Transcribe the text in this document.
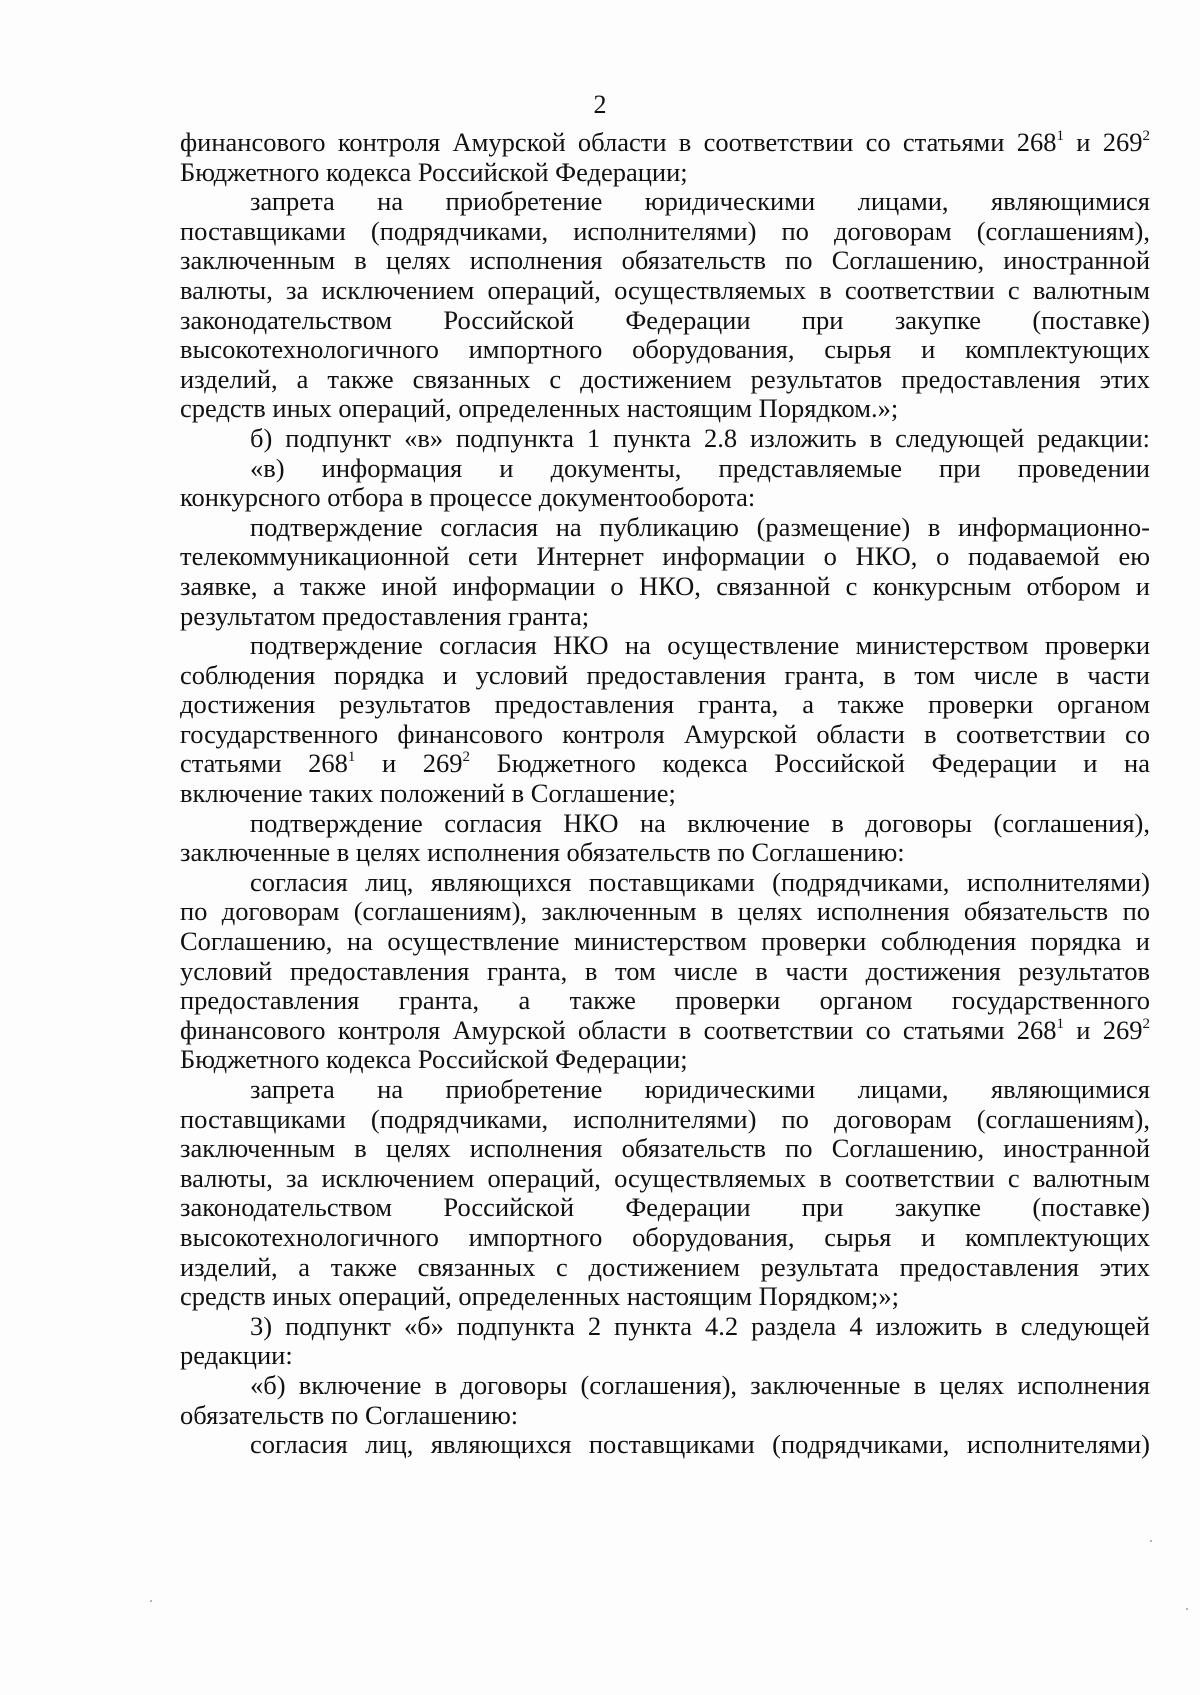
2
финансового контроля Амурской области в соответствии со статьями $268^1$ и $269^2$
Бюджетного кодекса Российской Федерации;
запрета на приобретение юридическими лицами, являющимися
поставщиками (подрядчиками, исполнителями) по договорам (соглашениям),
заключенным в целях исполнения обязательств по Соглашению, иностранной
валюты, за исключением операций, осуществляемых в соответствии с валютным
законодательством Российской Федерации при закупке (поставке)
высокотехнологичного импортного оборудования, сырья и комплектующих
изделий, а также связанных с достижением результатов предоставления этих
средств иных операций, определенных настоящим Порядком.»;
б) подпункт «в» подпункта 1 пункта 2.8 изложить в следующей редакции:
«в) информация и документы, представляемые при проведении
конкурсного отбора в процессе документооборота:
подтверждение согласия на публикацию (размещение) в информационно-
телекоммуникационной сети Интернет информации о НКО, о подаваемой ею
заявке, а также иной информации о НКО, связанной с конкурсным отбором и
результатом предоставления гранта;
подтверждение согласия НКО на осуществление министерством проверки
соблюдения порядка и условий предоставления гранта, в том числе в части
достижения результатов предоставления гранта, а также проверки органом
государственного финансового контроля Амурской области в соответствии со
статьями $268^1$ и $269^2$ Бюджетного кодекса Российской Федерации и на
включение таких положений в Соглашение;
подтверждение согласия НКО на включение в договоры (соглашения),
заключенные в целях исполнения обязательств по Соглашению:
согласия лиц, являющихся поставщиками (подрядчиками, исполнителями)
по договорам (соглашениям), заключенным в целях исполнения обязательств по
Соглашению, на осуществление министерством проверки соблюдения порядка и
условий предоставления гранта, в том числе в части достижения результатов
предоставления гранта, а также проверки органом государственного
финансового контроля Амурской области в соответствии со статьями $268^1$ и $269^2$
Бюджетного кодекса Российской Федерации;
запрета на приобретение юридическими лицами, являющимися
поставщиками (подрядчиками, исполнителями) по договорам (соглашениям),
заключенным в целях исполнения обязательств по Соглашению, иностранной
валюты, за исключением операций, осуществляемых в соответствии с валютным
законодательством Российской Федерации при закупке (поставке)
высокотехнологичного импортного оборудования, сырья и комплектующих
изделий, а также связанных с достижением результата предоставления этих
средств иных операций, определенных настоящим Порядком;»;
3) подпункт «б» подпункта 2 пункта 4.2 раздела 4 изложить в следующей
редакции:
«б) включение в договоры (соглашения), заключенные в целях исполнения
обязательств по Соглашению:
согласия лиц, являющихся поставщиками (подрядчиками, исполнителями)
